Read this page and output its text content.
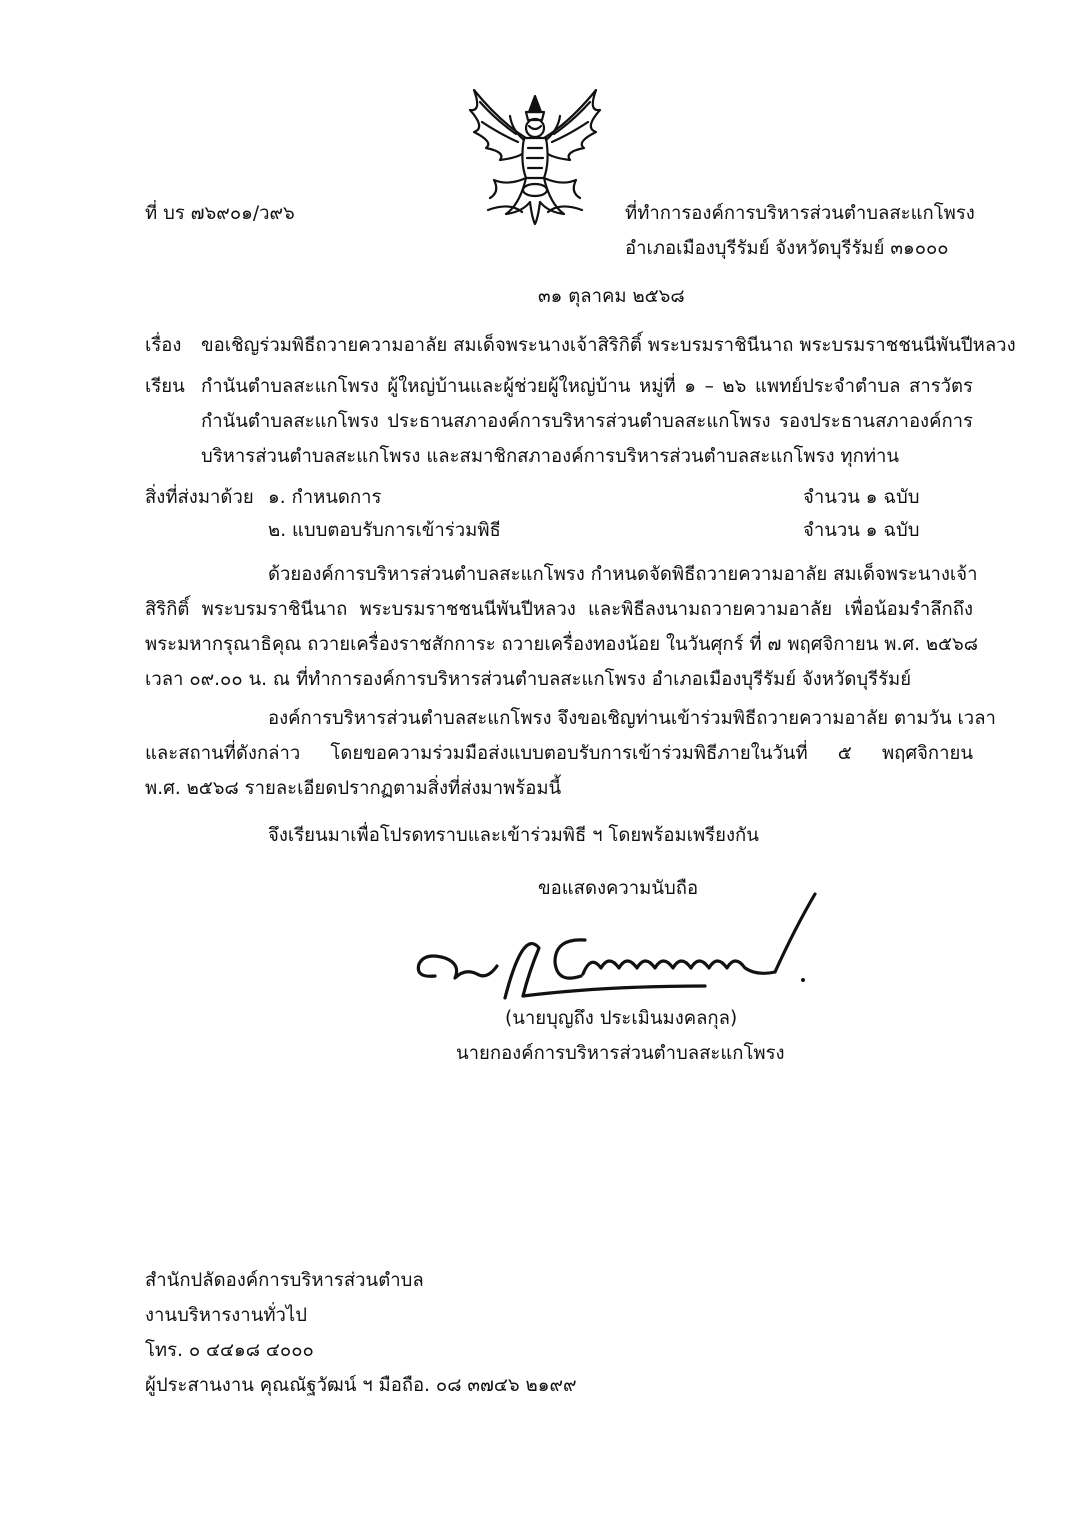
ที่ บร ๗๖๙๐๑/ว๙๖	ที่ทำการองค์การบริหารส่วนตำบลสะแกโพรง
อำเภอเมืองบุรีรัมย์ จังหวัดบุรีรัมย์ ๓๑๐๐๐
๓๑ ตุลาคม ๒๕๖๘
เรื่อง ขอเชิญร่วมพิธีถวายความอาลัย สมเด็จพระนางเจ้าสิริกิติ์ พระบรมราชินีนาถ พระบรมราชชนนีพันปีหลวง
เรียน กำนันตำบลสะแกโพรง ผู้ใหญ่บ้านและผู้ช่วยผู้ใหญ่บ้าน หมู่ที่ ๑ – ๒๖ แพทย์ประจำตำบล สารวัตร
กำนันตำบลสะแกโพรง ประธานสภาองค์การบริหารส่วนตำบลสะแกโพรง รองประธานสภาองค์การ
บริหารส่วนตำบลสะแกโพรง และสมาชิกสภาองค์การบริหารส่วนตำบลสะแกโพรง ทุกท่าน
สิ่งที่ส่งมาด้วย ๑. กำหนดการ	จำนวน ๑ ฉบับ
๒. แบบตอบรับการเข้าร่วมพิธี	จำนวน ๑ ฉบับ
ด้วยองค์การบริหารส่วนตำบลสะแกโพรง กำหนดจัดพิธีถวายความอาลัย สมเด็จพระนางเจ้า
สิริกิติ์ พระบรมราชินีนาถ พระบรมราชชนนีพันปีหลวง และพิธีลงนามถวายความอาลัย เพื่อน้อมรำลึกถึง
พระมหากรุณาธิคุณ ถวายเครื่องราชสักการะ ถวายเครื่องทองน้อย ในวันศุกร์ ที่ ๗ พฤศจิกายน พ.ศ. ๒๕๖๘
เวลา ๐๙.๐๐ น. ณ ที่ทำการองค์การบริหารส่วนตำบลสะแกโพรง อำเภอเมืองบุรีรัมย์ จังหวัดบุรีรัมย์
องค์การบริหารส่วนตำบลสะแกโพรง จึงขอเชิญท่านเข้าร่วมพิธีถวายความอาลัย ตามวัน เวลา
และสถานที่ดังกล่าว โดยขอความร่วมมือส่งแบบตอบรับการเข้าร่วมพิธีภายในวันที่ ๕ พฤศจิกายน
พ.ศ. ๒๕๖๘ รายละเอียดปรากฏตามสิ่งที่ส่งมาพร้อมนี้
จึงเรียนมาเพื่อโปรดทราบและเข้าร่วมพิธี ฯ โดยพร้อมเพรียงกัน
ขอแสดงความนับถือ
(นายบุญถึง ประเมินมงคลกุล)
นายกองค์การบริหารส่วนตำบลสะแกโพรง
สำนักปลัดองค์การบริหารส่วนตำบล
งานบริหารงานทั่วไป
โทร. ๐ ๔๔๑๘ ๔๐๐๐
ผู้ประสานงาน คุณณัฐวัฒน์ ฯ มือถือ. ๐๘ ๓๗๔๖ ๒๑๙๙
